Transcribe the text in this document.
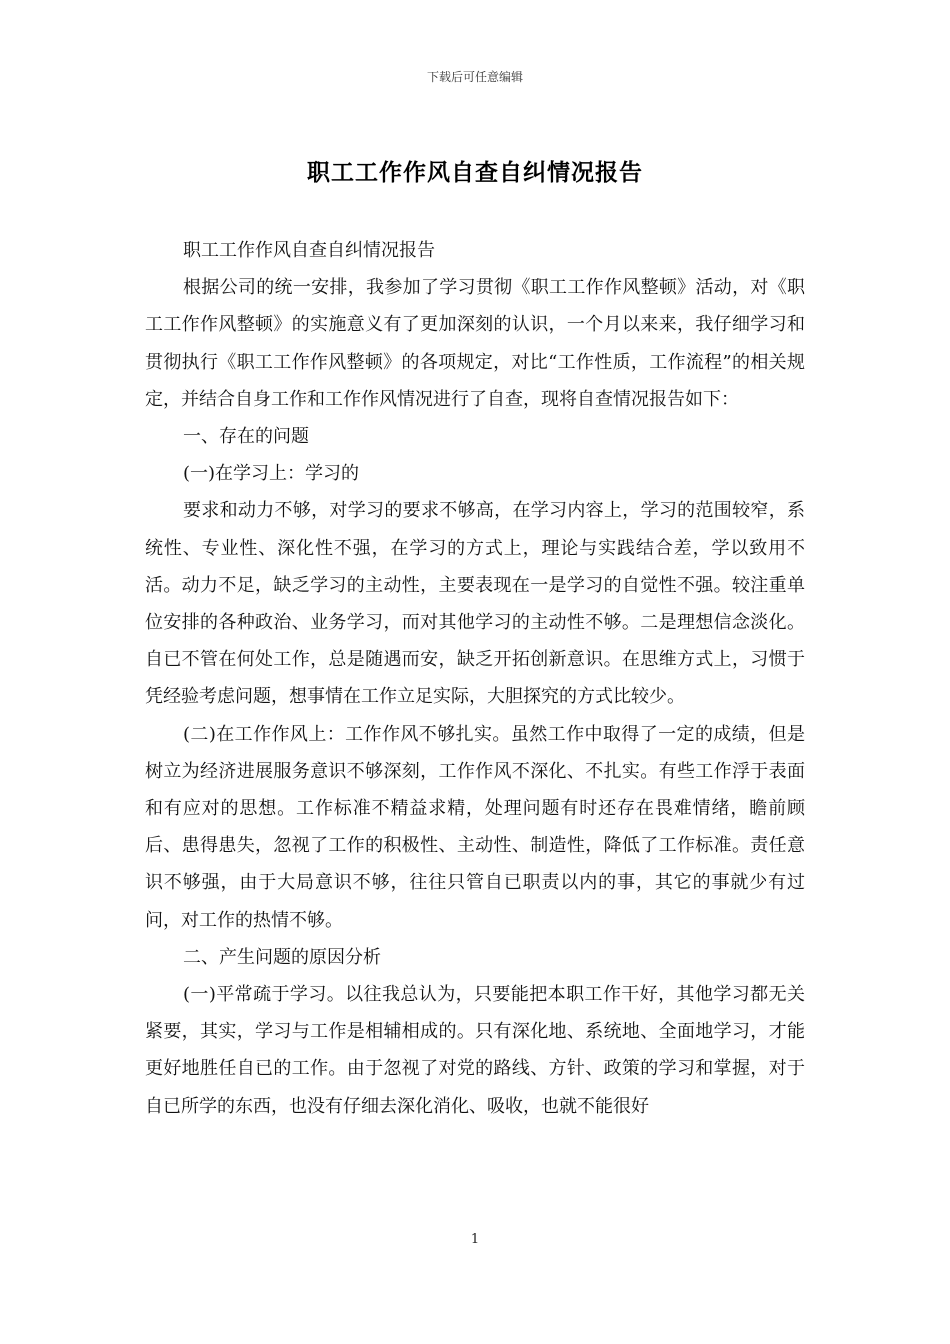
下载后可任意编辑
职工工作作风自查自纠情况报告

职工工作作风自查自纠情况报告

根据公司的统一安排，我参加了学习贯彻《职工工作作风整顿》活动，对《职工工作作风整顿》的实施意义有了更加深刻的认识，一个月以来来，我仔细学习和贯彻执行《职工工作作风整顿》的各项规定，对比“工作性质，工作流程”的相关规定，并结合自身工作和工作作风情况进行了自查，现将自查情况报告如下：

一、存在的问题

(一)在学习上：学习的

要求和动力不够，对学习的要求不够高，在学习内容上，学习的范围较窄，系统性、专业性、深化性不强，在学习的方式上，理论与实践结合差，学以致用不活。动力不足，缺乏学习的主动性，主要表现在一是学习的自觉性不强。较注重单位安排的各种政治、业务学习，而对其他学习的主动性不够。二是理想信念淡化。自已不管在何处工作，总是随遇而安，缺乏开拓创新意识。在思维方式上，习惯于凭经验考虑问题，想事情在工作立足实际，大胆探究的方式比较少。

(二)在工作作风上：工作作风不够扎实。虽然工作中取得了一定的成绩，但是树立为经济进展服务意识不够深刻，工作作风不深化、不扎实。有些工作浮于表面和有应对的思想。工作标准不精益求精，处理问题有时还存在畏难情绪，瞻前顾后、患得患失，忽视了工作的积极性、主动性、制造性，降低了工作标准。责任意识不够强，由于大局意识不够，往往只管自已职责以内的事，其它的事就少有过问，对工作的热情不够。

二、产生问题的原因分析

(一)平常疏于学习。以往我总认为，只要能把本职工作干好，其他学习都无关紧要，其实，学习与工作是相辅相成的。只有深化地、系统地、全面地学习，才能更好地胜任自已的工作。由于忽视了对党的路线、方针、政策的学习和掌握，对于自已所学的东西，也没有仔细去深化消化、吸收，也就不能很好

1
